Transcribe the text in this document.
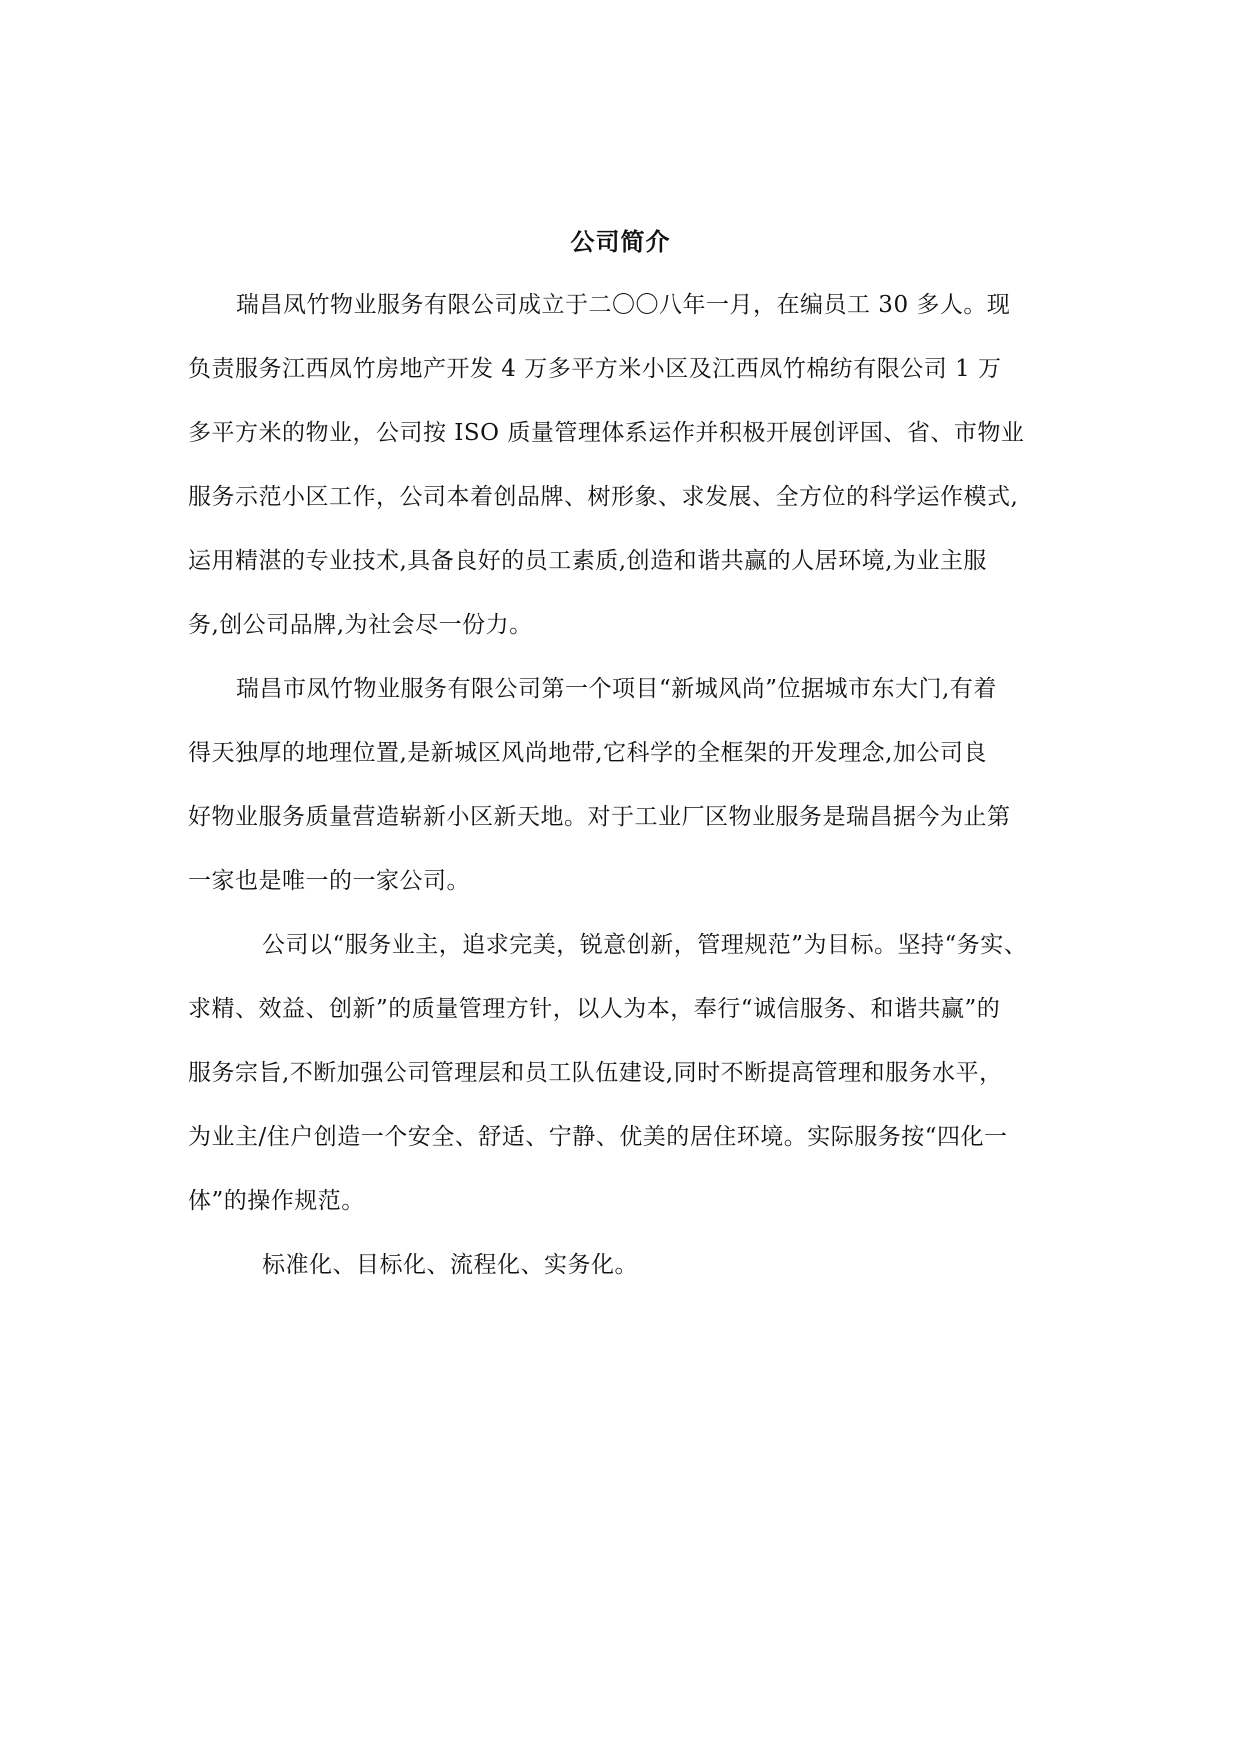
公司简介
瑞昌凤竹物业服务有限公司成立于二〇〇八年一月，在编员工 30 多人。现
负责服务江西凤竹房地产开发 4 万多平方米小区及江西凤竹棉纺有限公司 1 万
多平方米的物业，公司按 ISO 质量管理体系运作并积极开展创评国、省、市物业
服务示范小区工作，公司本着创品牌、树形象、求发展、全方位的科学运作模式,
运用精湛的专业技术,具备良好的员工素质,创造和谐共赢的人居环境,为业主服
务,创公司品牌,为社会尽一份力。
瑞昌市凤竹物业服务有限公司第一个项目“新城风尚”位据城市东大门,有着
得天独厚的地理位置,是新城区风尚地带,它科学的全框架的开发理念,加公司良
好物业服务质量营造崭新小区新天地。对于工业厂区物业服务是瑞昌据今为止第
一家也是唯一的一家公司。
公司以“服务业主，追求完美，锐意创新，管理规范”为目标。坚持“务实、
求精、效益、创新”的质量管理方针，以人为本，奉行“诚信服务、和谐共赢”的
服务宗旨,不断加强公司管理层和员工队伍建设,同时不断提高管理和服务水平，
为业主/住户创造一个安全、舒适、宁静、优美的居住环境。实际服务按“四化一
体”的操作规范。
标准化、目标化、流程化、实务化。
